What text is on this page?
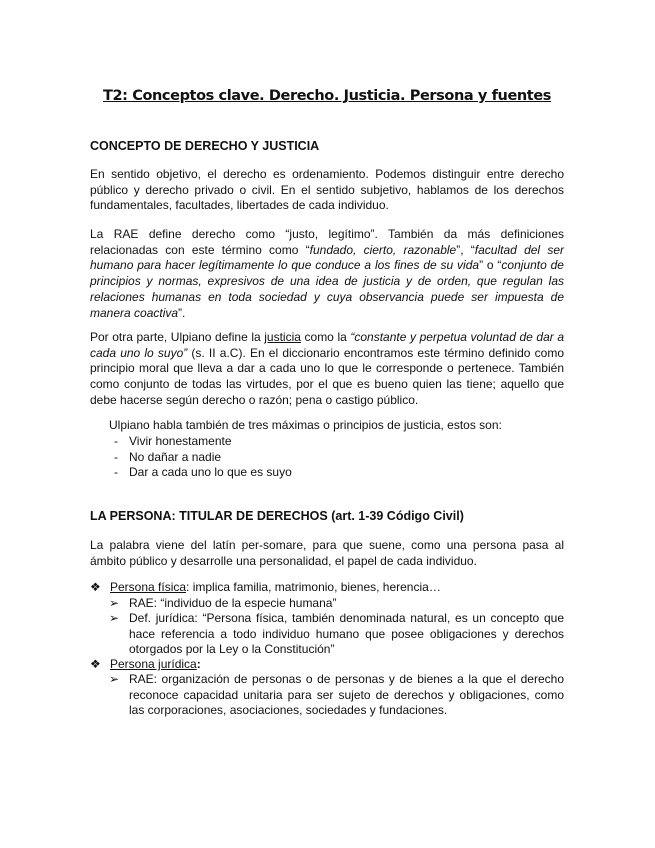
T2: Conceptos clave. Derecho. Justicia. Persona y fuentes
CONCEPTO DE DERECHO Y JUSTICIA

En sentido objetivo, el derecho es ordenamiento. Podemos distinguir entre derecho público y derecho privado o civil. En el sentido subjetivo, hablamos de los derechos fundamentales, facultades, libertades de cada individuo.

La RAE define derecho como “justo, legítimo”. También da más definiciones relacionadas con este término como “fundado, cierto, razonable”, “facultad del ser humano para hacer legítimamente lo que conduce a los fines de su vida” o “conjunto de principios y normas, expresivos de una idea de justicia y de orden, que regulan las relaciones humanas en toda sociedad y cuya observancia puede ser impuesta de manera coactiva”.

Por otra parte, Ulpiano define la justicia como la “constante y perpetua voluntad de dar a cada uno lo suyo” (s. II a.C). En el diccionario encontramos este término definido como principio moral que lleva a dar a cada uno lo que le corresponde o pertenece. También como conjunto de todas las virtudes, por el que es bueno quien las tiene; aquello que debe hacerse según derecho o razón; pena o castigo público.

Ulpiano habla también de tres máximas o principios de justicia, estos son:
- Vivir honestamente
- No dañar a nadie
- Dar a cada uno lo que es suyo
LA PERSONA: TITULAR DE DERECHOS (art. 1-39 Código Civil)

La palabra viene del latín per-somare, para que suene, como una persona pasa al ámbito público y desarrolle una personalidad, el papel de cada individuo.

❖ Persona física: implica familia, matrimonio, bienes, herencia…
➢ RAE: “individuo de la especie humana”
➢ Def. jurídica: “Persona física, también denominada natural, es un concepto que hace referencia a todo individuo humano que posee obligaciones y derechos otorgados por la Ley o la Constitución”
❖ Persona jurídica:
➢ RAE: organización de personas o de personas y de bienes a la que el derecho reconoce capacidad unitaria para ser sujeto de derechos y obligaciones, como las corporaciones, asociaciones, sociedades y fundaciones.
